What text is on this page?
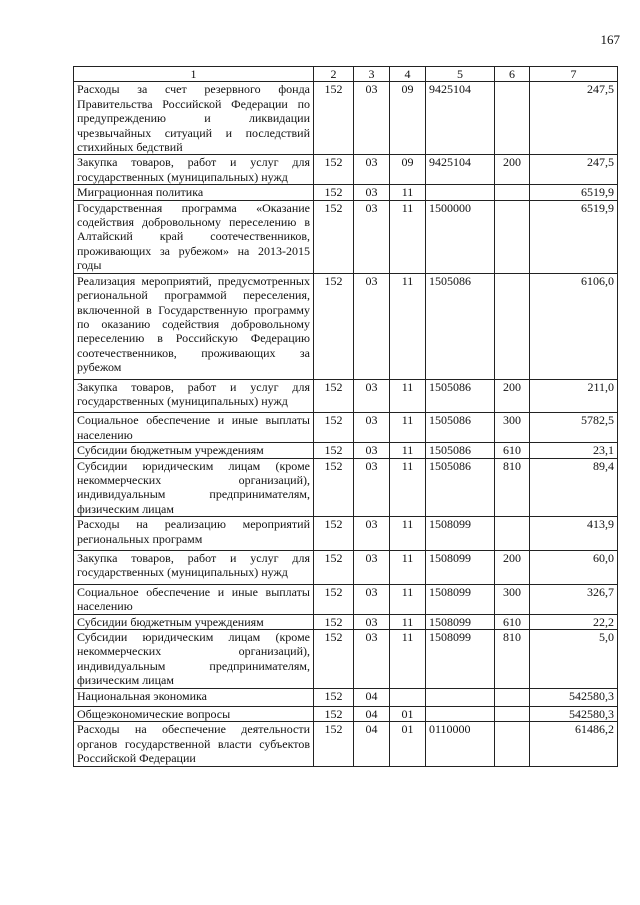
167
1	2	3	4	5	6	7
Расходы за счет резервного фонда Правительства Российской Федерации по предупреждению и ликвидации чрезвычайных ситуаций и последствий стихийных бедствий	152	03	09	9425104		247,5
Закупка товаров, работ и услуг для государственных (муниципальных) нужд	152	03	09	9425104	200	247,5
Миграционная политика	152	03	11			6519,9
Государственная программа «Оказание содействия добровольному переселению в Алтайский край соотечественников, проживающих за рубежом» на 2013-2015 годы	152	03	11	1500000		6519,9
Реализация мероприятий, предусмотренных региональной программой переселения, включенной в Государственную программу по оказанию содействия добровольному переселению в Российскую Федерацию соотечественников, проживающих за рубежом	152	03	11	1505086		6106,0
Закупка товаров, работ и услуг для государственных (муниципальных) нужд	152	03	11	1505086	200	211,0
Социальное обеспечение и иные выплаты населению	152	03	11	1505086	300	5782,5
Субсидии бюджетным учреждениям	152	03	11	1505086	610	23,1
Субсидии юридическим лицам (кроме некоммерческих организаций), индивидуальным предпринимателям, физическим лицам	152	03	11	1505086	810	89,4
Расходы на реализацию мероприятий региональных программ	152	03	11	1508099		413,9
Закупка товаров, работ и услуг для государственных (муниципальных) нужд	152	03	11	1508099	200	60,0
Социальное обеспечение и иные выплаты населению	152	03	11	1508099	300	326,7
Субсидии бюджетным учреждениям	152	03	11	1508099	610	22,2
Субсидии юридическим лицам (кроме некоммерческих организаций), индивидуальным предпринимателям, физическим лицам	152	03	11	1508099	810	5,0
Национальная экономика	152	04				542580,3
Общеэкономические вопросы	152	04	01			542580,3
Расходы на обеспечение деятельности органов государственной власти субъектов Российской Федерации	152	04	01	0110000		61486,2
